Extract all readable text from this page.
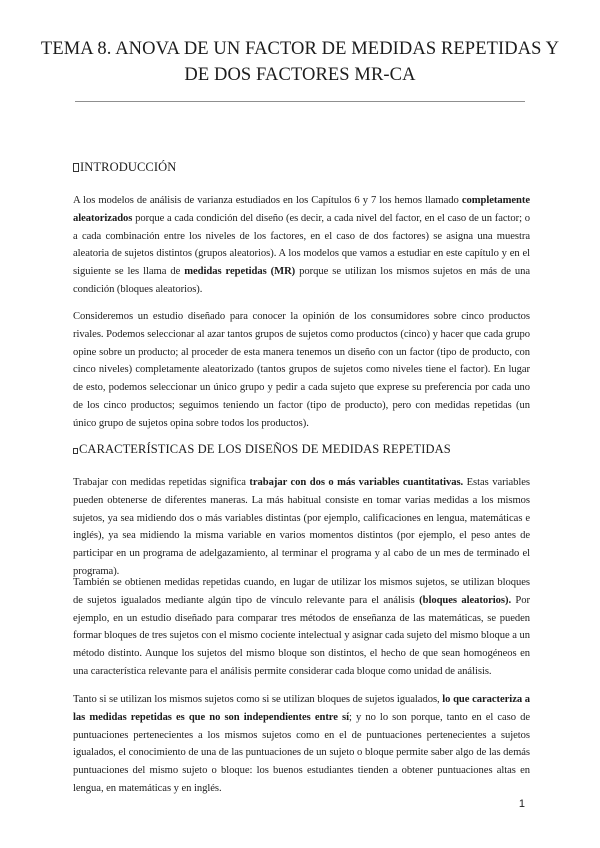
TEMA 8. ANOVA DE UN FACTOR DE MEDIDAS REPETIDAS Y DE DOS FACTORES MR-CA
INTRODUCCIÓN

A los modelos de análisis de varianza estudiados en los Capítulos 6 y 7 los hemos llamado completamente aleatorizados porque a cada condición del diseño (es decir, a cada nivel del factor, en el caso de un factor; o a cada combinación entre los niveles de los factores, en el caso de dos factores) se asigna una muestra aleatoria de sujetos distintos (grupos aleatorios). A los modelos que vamos a estudiar en este capítulo y en el siguiente se les llama de medidas repetidas (MR) porque se utilizan los mismos sujetos en más de una condición (bloques aleatorios).

Consideremos un estudio diseñado para conocer la opinión de los consumidores sobre cinco productos rivales. Podemos seleccionar al azar tantos grupos de sujetos como productos (cinco) y hacer que cada grupo opine sobre un producto; al proceder de esta manera tenemos un diseño con un factor (tipo de producto, con cinco niveles) completamente aleatorizado (tantos grupos de sujetos como niveles tiene el factor). En lugar de esto, podemos seleccionar un único grupo y pedir a cada sujeto que exprese su preferencia por cada uno de los cinco productos; seguimos teniendo un factor (tipo de producto), pero con medidas repetidas (un único grupo de sujetos opina sobre todos los productos).

CARACTERÍSTICAS DE LOS DISEÑOS DE MEDIDAS REPETIDAS

Trabajar con medidas repetidas significa trabajar con dos o más variables cuantitativas. Estas variables pueden obtenerse de diferentes maneras. La más habitual consiste en tomar varias medidas a los mismos sujetos, ya sea midiendo dos o más variables distintas (por ejemplo, calificaciones en lengua, matemáticas e inglés), ya sea midiendo la misma variable en varios momentos distintos (por ejemplo, el peso antes de participar en un programa de adelgazamiento, al terminar el programa y al cabo de un mes de terminado el programa).

También se obtienen medidas repetidas cuando, en lugar de utilizar los mismos sujetos, se utilizan bloques de sujetos igualados mediante algún tipo de vínculo relevante para el análisis (bloques aleatorios). Por ejemplo, en un estudio diseñado para comparar tres métodos de enseñanza de las matemáticas, se pueden formar bloques de tres sujetos con el mismo cociente intelectual y asignar cada sujeto del mismo bloque a un método distinto. Aunque los sujetos del mismo bloque son distintos, el hecho de que sean homogéneos en una característica relevante para el análisis permite considerar cada bloque como unidad de análisis.

Tanto si se utilizan los mismos sujetos como si se utilizan bloques de sujetos igualados, lo que caracteriza a las medidas repetidas es que no son independientes entre sí; y no lo son porque, tanto en el caso de puntuaciones pertenecientes a los mismos sujetos como en el de puntuaciones pertenecientes a sujetos igualados, el conocimiento de una de las puntuaciones de un sujeto o bloque permite saber algo de las demás puntuaciones del mismo sujeto o bloque: los buenos estudiantes tienden a obtener puntuaciones altas en lengua, en matemáticas y en inglés.

1
